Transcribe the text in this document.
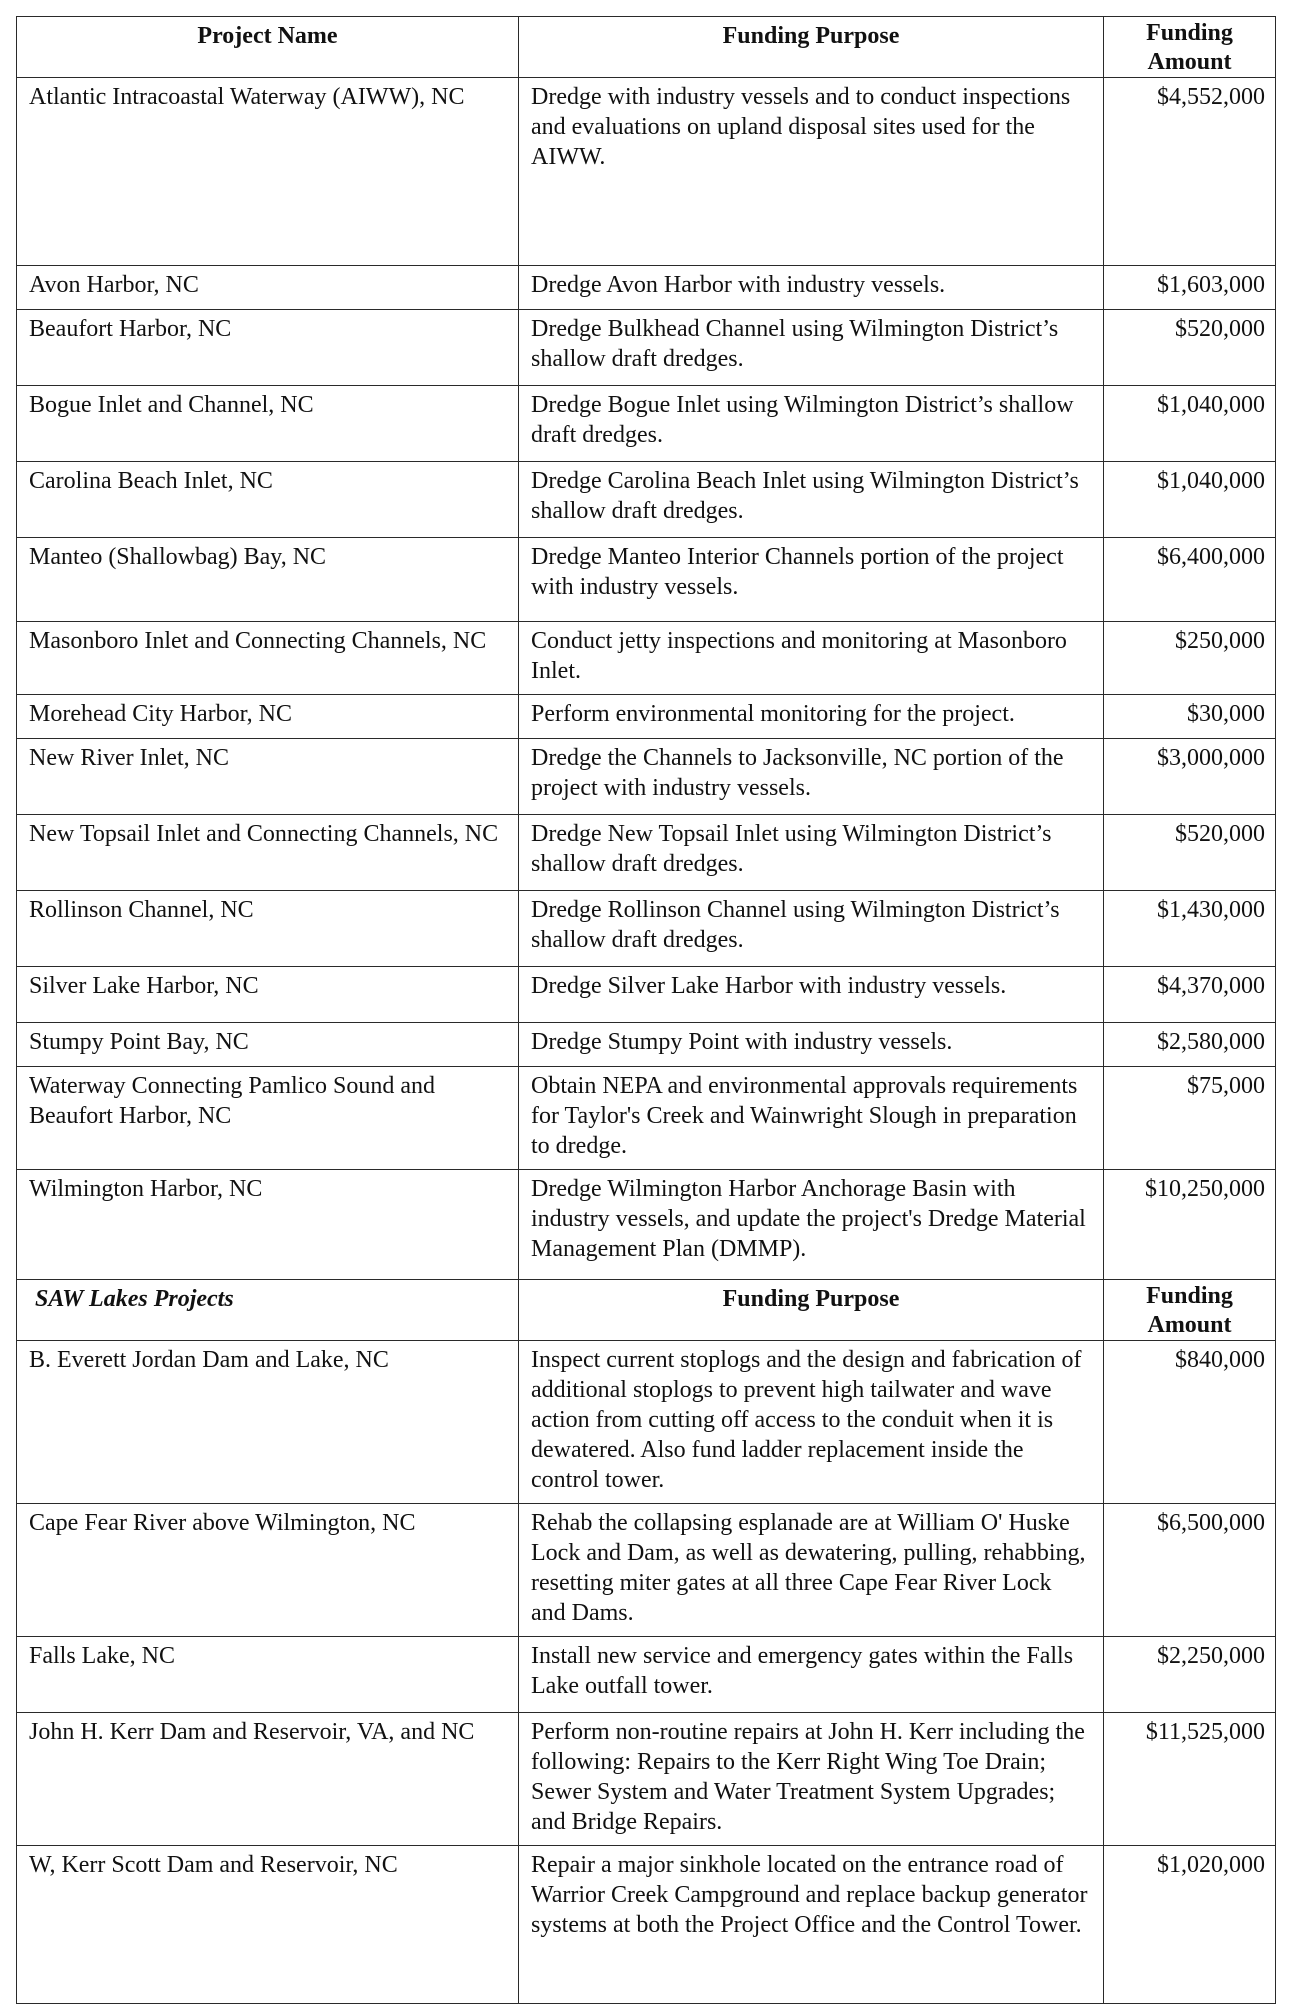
Project Name	Funding Purpose	Funding
Amount
Atlantic Intracoastal Waterway (AIWW), NC	Dredge with industry vessels and to conduct inspections and evaluations on upland disposal sites used for the AIWW.	$4,552,000
Avon Harbor, NC	Dredge Avon Harbor with industry vessels.	$1,603,000
Beaufort Harbor, NC	Dredge Bulkhead Channel using Wilmington District’s shallow draft dredges.	$520,000
Bogue Inlet and Channel, NC	Dredge Bogue Inlet using Wilmington District’s shallow draft dredges.	$1,040,000
Carolina Beach Inlet, NC	Dredge Carolina Beach Inlet using Wilmington District’s shallow draft dredges.	$1,040,000
Manteo (Shallowbag) Bay, NC	Dredge Manteo Interior Channels portion of the project with industry vessels.	$6,400,000
Masonboro Inlet and Connecting Channels, NC	Conduct jetty inspections and monitoring at Masonboro Inlet.	$250,000
Morehead City Harbor, NC	Perform environmental monitoring for the project.	$30,000
New River Inlet, NC	Dredge the Channels to Jacksonville, NC portion of the project with industry vessels.	$3,000,000
New Topsail Inlet and Connecting Channels, NC	Dredge New Topsail Inlet using Wilmington District’s shallow draft dredges.	$520,000
Rollinson Channel, NC	Dredge Rollinson Channel using Wilmington District’s shallow draft dredges.	$1,430,000
Silver Lake Harbor, NC	Dredge Silver Lake Harbor with industry vessels.	$4,370,000
Stumpy Point Bay, NC	Dredge Stumpy Point with industry vessels.	$2,580,000
Waterway Connecting Pamlico Sound and Beaufort Harbor, NC	Obtain NEPA and environmental approvals requirements for Taylor's Creek and Wainwright Slough in preparation to dredge.	$75,000
Wilmington Harbor, NC	Dredge Wilmington Harbor Anchorage Basin with industry vessels, and update the project's Dredge Material Management Plan (DMMP).	$10,250,000
SAW Lakes Projects	Funding Purpose	Funding
Amount
B. Everett Jordan Dam and Lake, NC	Inspect current stoplogs and the design and fabrication of additional stoplogs to prevent high tailwater and wave action from cutting off access to the conduit when it is dewatered. Also fund ladder replacement inside the control tower.	$840,000
Cape Fear River above Wilmington, NC	Rehab the collapsing esplanade are at William O' Huske Lock and Dam, as well as dewatering, pulling, rehabbing, resetting miter gates at all three Cape Fear River Lock and Dams.	$6,500,000
Falls Lake, NC	Install new service and emergency gates within the Falls Lake outfall tower.	$2,250,000
John H. Kerr Dam and Reservoir, VA, and NC	Perform non-routine repairs at John H. Kerr including the following: Repairs to the Kerr Right Wing Toe Drain; Sewer System and Water Treatment System Upgrades; and Bridge Repairs.	$11,525,000
W, Kerr Scott Dam and Reservoir, NC	Repair a major sinkhole located on the entrance road of Warrior Creek Campground and replace backup generator systems at both the Project Office and the Control Tower.	$1,020,000
